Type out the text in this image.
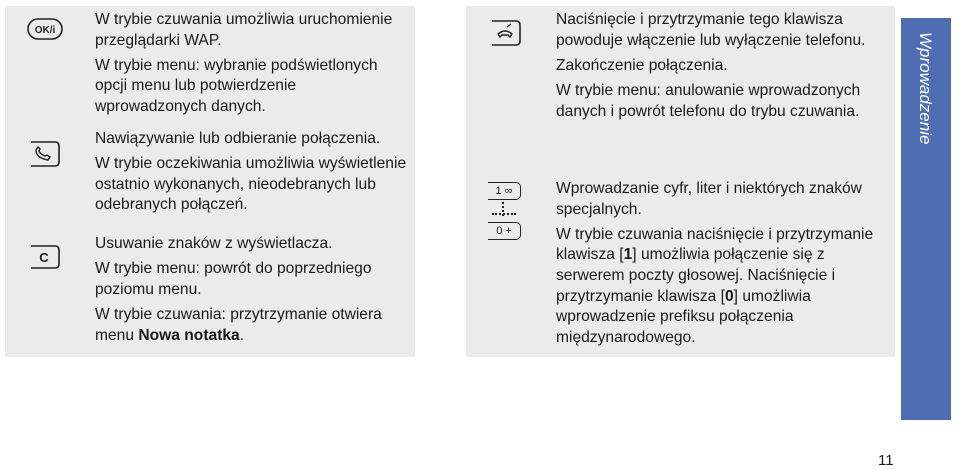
OK/i

W trybie czuwania umożliwia uruchomienie przeglądarki WAP.

W trybie menu: wybranie podświetlonych opcji menu lub potwierdzenie wprowadzonych danych.

Nawiązywanie lub odbieranie połączenia.

W trybie oczekiwania umożliwia wyświetlenie ostatnio wykonanych, nieodebranych lub odebranych połączeń.

C

Usuwanie znaków z wyświetlacza.

W trybie menu: powrót do poprzedniego poziomu menu.

W trybie czuwania: przytrzymanie otwiera menu Nowa notatka.

Naciśnięcie i przytrzymanie tego klawisza powoduje włączenie lub wyłączenie telefonu.

Zakończenie połączenia.

W trybie menu: anulowanie wprowadzonych danych i powrót telefonu do trybu czuwania.

1 ∞
0 +

Wprowadzanie cyfr, liter i niektórych znaków specjalnych.

W trybie czuwania naciśnięcie i przytrzymanie klawisza [1] umożliwia połączenie się z serwerem poczty głosowej. Naciśnięcie i przytrzymanie klawisza [0] umożliwia wprowadzenie prefiksu połączenia międzynarodowego.

Wprowadzenie
11
